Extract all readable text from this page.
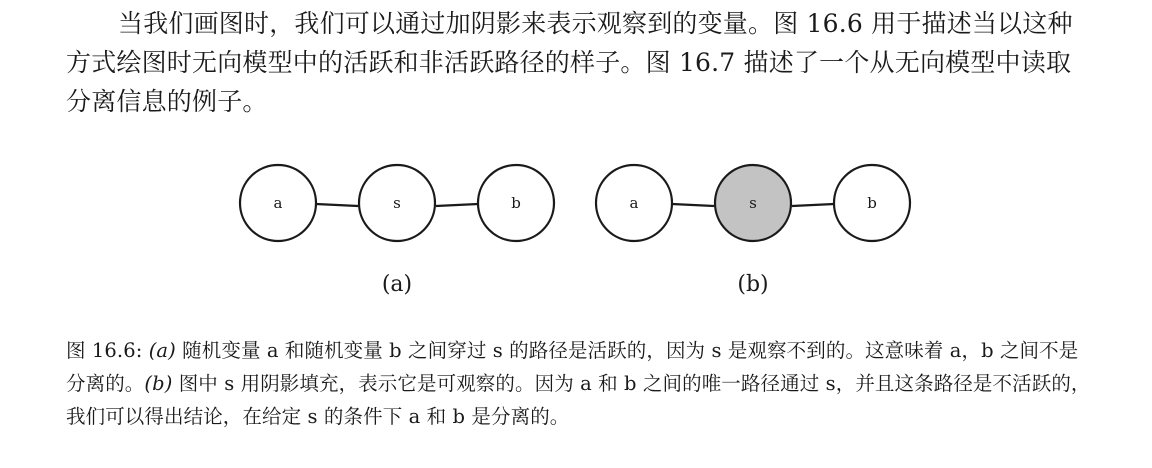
当我们画图时，我们可以通过加阴影来表示观察到的变量。图 16.6 用于描述当以这种方式绘图时无向模型中的活跃和非活跃路径的样子。图 16.7 描述了一个从无向模型中读取分离信息的例子。

a	s	b
(a)
a	s	b
(b)

图 16.6: (a) 随机变量 a 和随机变量 b 之间穿过 s 的路径是活跃的，因为 s 是观察不到的。这意味着 a，b 之间不是分离的。(b) 图中 s 用阴影填充，表示它是可观察的。因为 a 和 b 之间的唯一路径通过 s，并且这条路径是不活跃的，我们可以得出结论，在给定 s 的条件下 a 和 b 是分离的。
